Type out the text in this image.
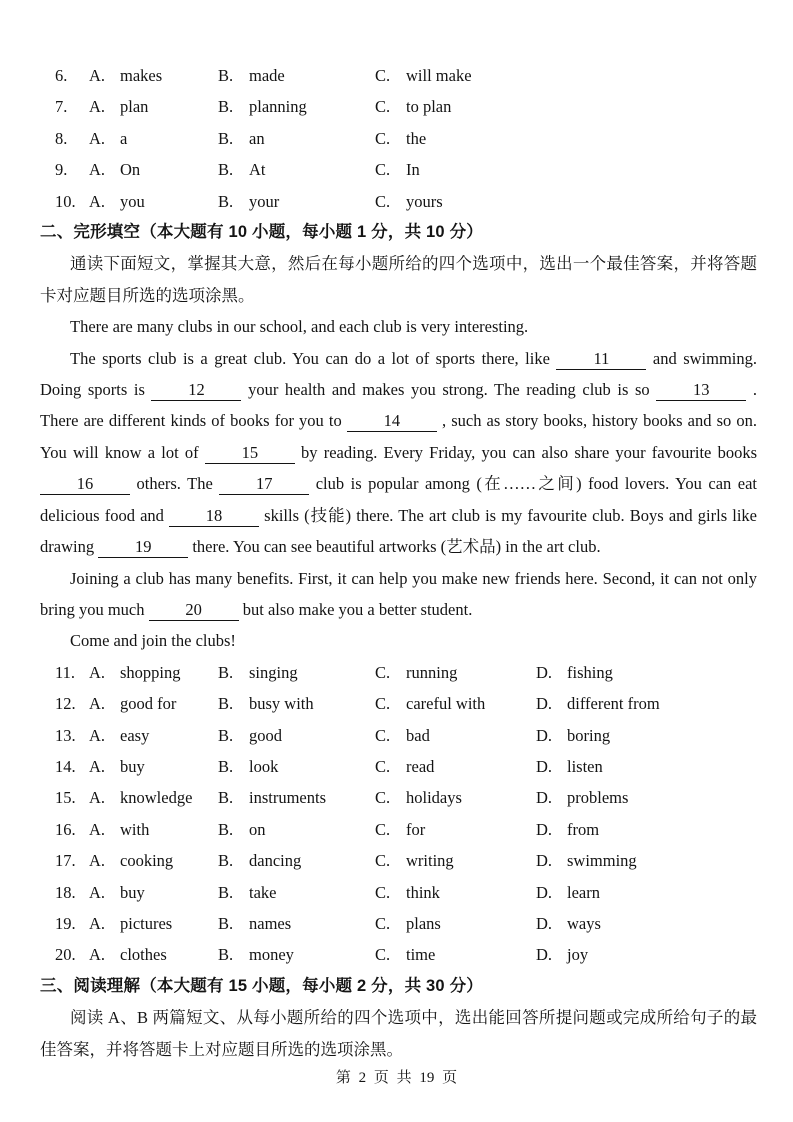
6.	A. makes	B. made	C. will make
7.	A. plan	B. planning	C. to plan
8.	A. a	B. an	C. the
9.	A. On	B. At	C. In
10. A. you	B. your	C. yours
二、完形填空（本大题有 10 小题，每小题 1 分，共 10 分）

通读下面短文，掌握其大意，然后在每小题所给的四个选项中，选出一个最佳答案，并将答题卡对应题目所选的选项涂黑。

There are many clubs in our school, and each club is very interesting.

The sports club is a great club. You can do a lot of sports there, like 11 and swimming. Doing sports is 12 your health and makes you strong. The reading club is so 13 . There are different kinds of books for you to 14 , such as story books, history books and so on. You will know a lot of 15 by reading. Every Friday, you can also share your favourite books 16 others. The 17 club is popular among (在……之间) food lovers. You can eat delicious food and 18 skills (技能) there. The art club is my favourite club. Boys and girls like drawing 19 there. You can see beautiful artworks (艺术品) in the art club.

Joining a club has many benefits. First, it can help you make new friends here. Second, it can not only bring you much 20 but also make you a better student.

Come and join the clubs!

11. A. shopping B. singing	C. running	D. fishing
12. A. good for	B. busy with	C. careful with	D. different from
13. A. easy	B. good	C. bad	D. boring
14. A. buy	B. look	C. read	D. listen
15. A. knowledge B. instruments	C. holidays	D. problems
16. A. with	B. on	C. for	D. from
17. A. cooking	B. dancing	C. writing	D. swimming
18. A. buy	B. take	C. think	D. learn
19. A. pictures	B. names	C. plans	D. ways
20. A. clothes	B. money	C. time	D. joy
三、阅读理解（本大题有 15 小题，每小题 2 分，共 30 分）

阅读 A、B 两篇短文、从每小题所给的四个选项中，选出能回答所提问题或完成所给句子的最佳答案，并将答题卡上对应题目所选的选项涂黑。

第 2 页 共 19 页
